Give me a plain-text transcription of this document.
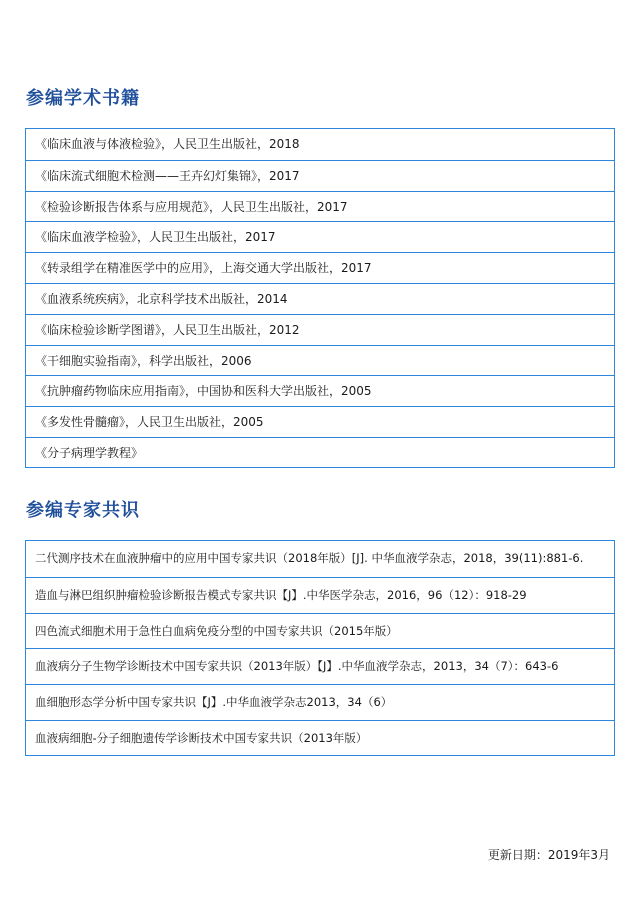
参编学术书籍
《临床血液与体液检验》，人民卫生出版社，2018
《临床流式细胞术检测——王卉幻灯集锦》，2017
《检验诊断报告体系与应用规范》，人民卫生出版社，2017
《临床血液学检验》，人民卫生出版社，2017
《转录组学在精准医学中的应用》，上海交通大学出版社，2017
《血液系统疾病》，北京科学技术出版社，2014
《临床检验诊断学图谱》，人民卫生出版社，2012
《干细胞实验指南》，科学出版社，2006
《抗肿瘤药物临床应用指南》，中国协和医科大学出版社，2005
《多发性骨髓瘤》，人民卫生出版社，2005
《分子病理学教程》
参编专家共识
二代测序技术在血液肿瘤中的应用中国专家共识（2018年版）[J]. 中华血液学杂志，2018，39(11):881-6.
造血与淋巴组织肿瘤检验诊断报告模式专家共识【J】.中华医学杂志，2016，96（12）：918-29
四色流式细胞术用于急性白血病免疫分型的中国专家共识（2015年版）
血液病分子生物学诊断技术中国专家共识（2013年版）【J】.中华血液学杂志，2013，34（7）：643-6
血细胞形态学分析中国专家共识【J】.中华血液学杂志2013，34（6）
血液病细胞-分子细胞遗传学诊断技术中国专家共识（2013年版）
更新日期：2019年3月
